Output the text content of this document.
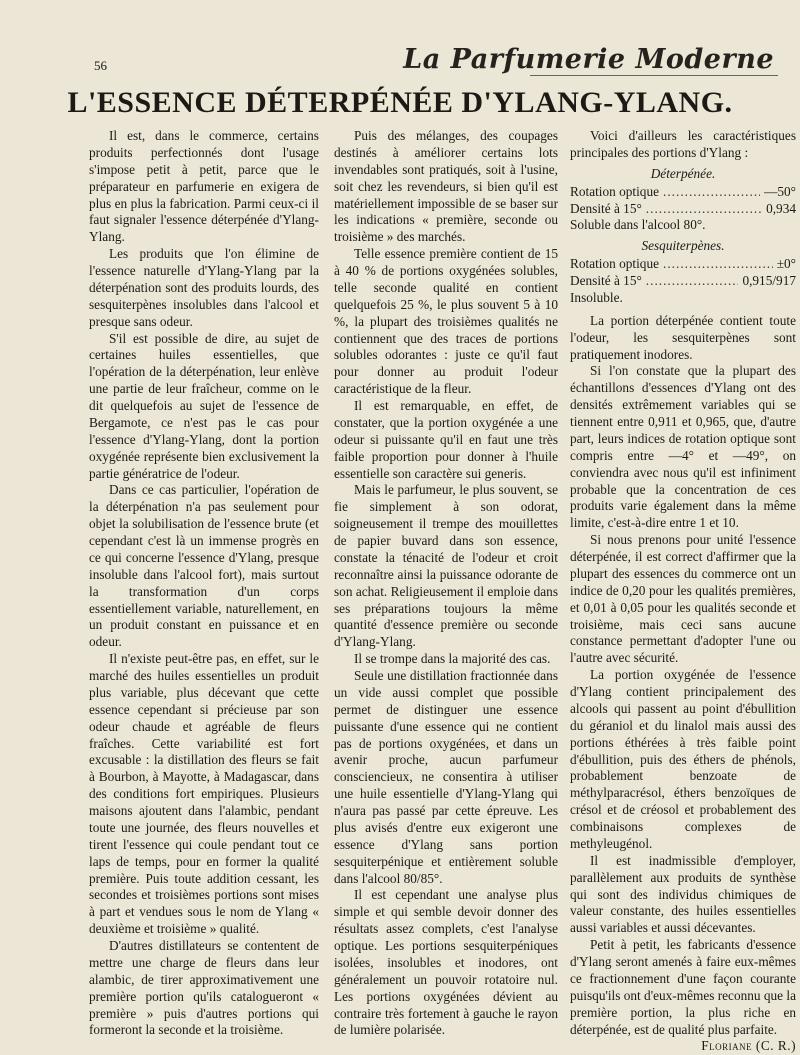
56	La Parfumerie Moderne
L'ESSENCE DÉTERPÉNÉE D'YLANG-YLANG.

Il est, dans le commerce, certains produits perfectionnés dont l'usage s'impose petit à petit, parce que le préparateur en parfumerie en exigera de plus en plus la fabrication. Parmi ceux-ci il faut signaler l'essence déterpénée d'Ylang-Ylang.

Les produits que l'on élimine de l'essence naturelle d'Ylang-Ylang par la déterpénation sont des produits lourds, des sesquiterpènes insolubles dans l'alcool et presque sans odeur.

S'il est possible de dire, au sujet de certaines huiles essentielles, que l'opération de la déterpénation, leur enlève une partie de leur fraîcheur, comme on le dit quelquefois au sujet de l'essence de Bergamote, ce n'est pas le cas pour l'essence d'Ylang-Ylang, dont la portion oxygénée représente bien exclusivement la partie génératrice de l'odeur.

Dans ce cas particulier, l'opération de la déterpénation n'a pas seulement pour objet la solubilisation de l'essence brute (et cependant c'est là un immense progrès en ce qui concerne l'essence d'Ylang, presque insoluble dans l'alcool fort), mais surtout la transformation d'un corps essentiellement variable, naturellement, en un produit constant en puissance et en odeur.

Il n'existe peut-être pas, en effet, sur le marché des huiles essentielles un produit plus variable, plus décevant que cette essence cependant si précieuse par son odeur chaude et agréable de fleurs fraîches. Cette variabilité est fort excusable : la distillation des fleurs se fait à Bourbon, à Mayotte, à Madagascar, dans des conditions fort empiriques. Plusieurs maisons ajoutent dans l'alambic, pendant toute une journée, des fleurs nouvelles et tirent l'essence qui coule pendant tout ce laps de temps, pour en former la qualité première. Puis toute addition cessant, les secondes et troisièmes portions sont mises à part et vendues sous le nom de Ylang « deuxième et troisième » qualité.

D'autres distillateurs se contentent de mettre une charge de fleurs dans leur alambic, de tirer approximativement une première portion qu'ils catalogueront « première » puis d'autres portions qui formeront la seconde et la troisième.

Puis des mélanges, des coupages destinés à améliorer certains lots invendables sont pratiqués, soit à l'usine, soit chez les revendeurs, si bien qu'il est matériellement impossible de se baser sur les indications « première, seconde ou troisième » des marchés.

Telle essence première contient de 15 à 40 % de portions oxygénées solubles, telle seconde qualité en contient quelquefois 25 %, le plus souvent 5 à 10 %, la plupart des troisièmes qualités ne contiennent que des traces de portions solubles odorantes : juste ce qu'il faut pour donner au produit l'odeur caractéristique de la fleur.

Il est remarquable, en effet, de constater, que la portion oxygénée a une odeur si puissante qu'il en faut une très faible proportion pour donner à l'huile essentielle son caractère sui generis.

Mais le parfumeur, le plus souvent, se fie simplement à son odorat, soigneusement il trempe des mouillettes de papier buvard dans son essence, constate la ténacité de l'odeur et croit reconnaître ainsi la puissance odorante de son achat. Religieusement il emploie dans ses préparations toujours la même quantité d'essence première ou seconde d'Ylang-Ylang.

Il se trompe dans la majorité des cas.

Seule une distillation fractionnée dans un vide aussi complet que possible permet de distinguer une essence puissante d'une essence qui ne contient pas de portions oxygénées, et dans un avenir proche, aucun parfumeur consciencieux, ne consentira à utiliser une huile essentielle d'Ylang-Ylang qui n'aura pas passé par cette épreuve. Les plus avisés d'entre eux exigeront une essence d'Ylang sans portion sesquiterpénique et entièrement soluble dans l'alcool 80/85°.

Il est cependant une analyse plus simple et qui semble devoir donner des résultats assez complets, c'est l'analyse optique. Les portions sesquiterpéniques isolées, insolubles et inodores, ont généralement un pouvoir rotatoire nul. Les portions oxygénées dévient au contraire très fortement à gauche le rayon de lumière polarisée.

Voici d'ailleurs les caractéristiques principales des portions d'Ylang :

Déterpénée.
Rotation optique .....	—50°
Densité à 15° .....	0,934
Soluble dans l'alcool 80°.
Sesquiterpènes.
Rotation optique .....	±0°
Densité à 15° .....	0,915/917
Insoluble.

La portion déterpénée contient toute l'odeur, les sesquiterpènes sont pratiquement inodores.

Si l'on constate que la plupart des échantillons d'essences d'Ylang ont des densités extrêmement variables qui se tiennent entre 0,911 et 0,965, que, d'autre part, leurs indices de rotation optique sont compris entre —4° et —49°, on conviendra avec nous qu'il est infiniment probable que la concentration de ces produits varie également dans la même limite, c'est-à-dire entre 1 et 10.

Si nous prenons pour unité l'essence déterpénée, il est correct d'affirmer que la plupart des essences du commerce ont un indice de 0,20 pour les qualités premières, et 0,01 à 0,05 pour les qualités seconde et troisième, mais ceci sans aucune constance permettant d'adopter l'une ou l'autre avec sécurité.

La portion oxygénée de l'essence d'Ylang contient principalement des alcools qui passent au point d'ébullition du géraniol et du linalol mais aussi des portions éthérées à très faible point d'ébullition, puis des éthers de phénols, probablement benzoate de méthylparacrésol, éthers benzoïques de crésol et de créosol et probablement des combinaisons complexes de methyleugénol.

Il est inadmissible d'employer, parallèlement aux produits de synthèse qui sont des individus chimiques de valeur constante, des huiles essentielles aussi variables et aussi décevantes.

Petit à petit, les fabricants d'essence d'Ylang seront amenés à faire eux-mêmes ce fractionnement d'une façon courante puisqu'ils ont d'eux-mêmes reconnu que la première portion, la plus riche en déterpénée, est de qualité plus parfaite.

Floriane (C. R.)
